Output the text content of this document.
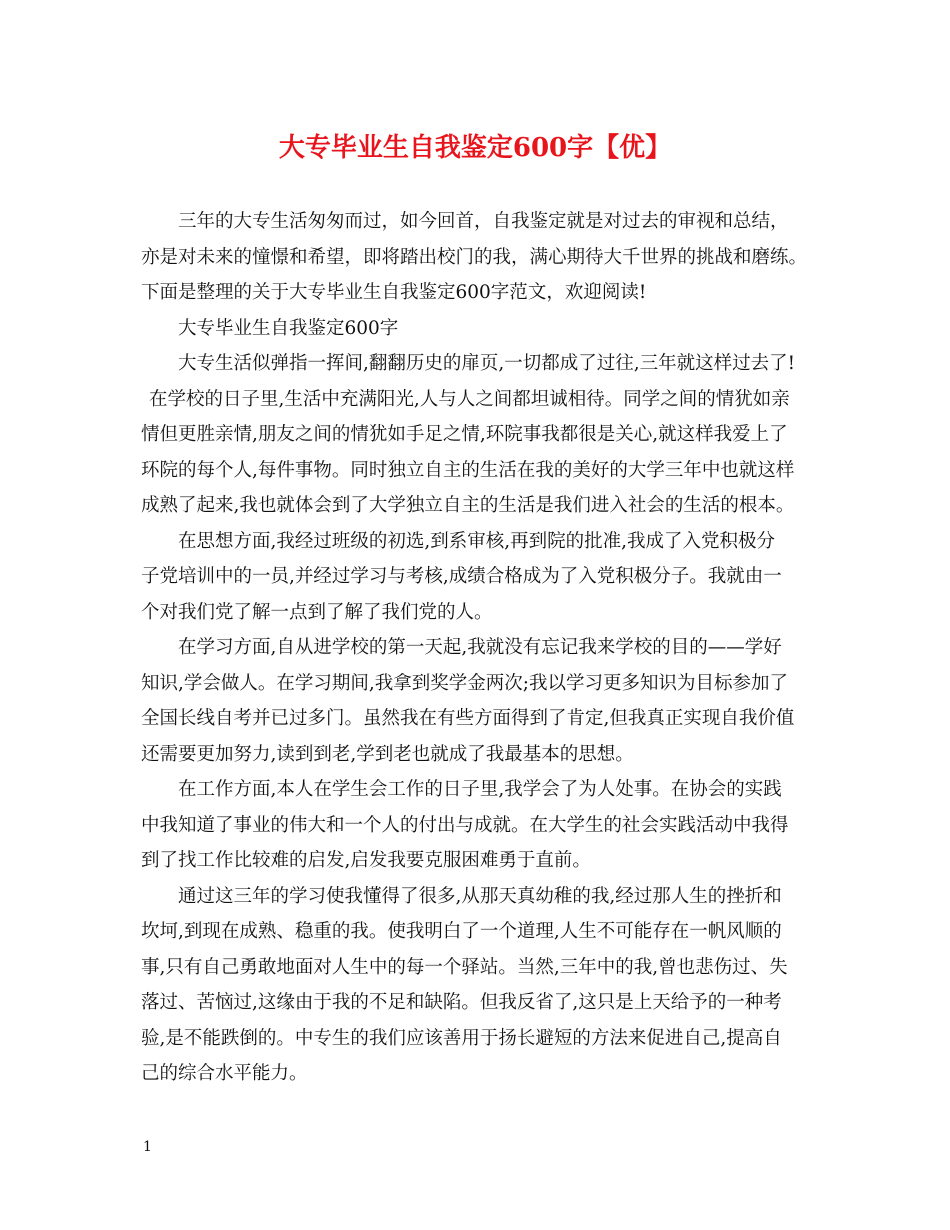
大专毕业生自我鉴定600字【优】
三年的大专生活匆匆而过，如今回首，自我鉴定就是对过去的审视和总结，
亦是对未来的憧憬和希望，即将踏出校门的我，满心期待大千世界的挑战和磨练。
下面是整理的关于大专毕业生自我鉴定600字范文，欢迎阅读!
大专毕业生自我鉴定600字
大专生活似弹指一挥间,翻翻历史的扉页,一切都成了过往,三年就这样过去了!
在学校的日子里,生活中充满阳光,人与人之间都坦诚相待。同学之间的情犹如亲
情但更胜亲情,朋友之间的情犹如手足之情,环院事我都很是关心,就这样我爱上了
环院的每个人,每件事物。同时独立自主的生活在我的美好的大学三年中也就这样
成熟了起来,我也就体会到了大学独立自主的生活是我们进入社会的生活的根本。
在思想方面,我经过班级的初选,到系审核,再到院的批准,我成了入党积极分
子党培训中的一员,并经过学习与考核,成绩合格成为了入党积极分子。我就由一
个对我们党了解一点到了解了我们党的人。
在学习方面,自从进学校的第一天起,我就没有忘记我来学校的目的——学好
知识,学会做人。在学习期间,我拿到奖学金两次;我以学习更多知识为目标参加了
全国长线自考并已过多门。虽然我在有些方面得到了肯定,但我真正实现自我价值
还需要更加努力,读到到老,学到老也就成了我最基本的思想。
在工作方面,本人在学生会工作的日子里,我学会了为人处事。在协会的实践
中我知道了事业的伟大和一个人的付出与成就。在大学生的社会实践活动中我得
到了找工作比较难的启发,启发我要克服困难勇于直前。
通过这三年的学习使我懂得了很多,从那天真幼稚的我,经过那人生的挫折和
坎坷,到现在成熟、稳重的我。使我明白了一个道理,人生不可能存在一帆风顺的
事,只有自己勇敢地面对人生中的每一个驿站。当然,三年中的我,曾也悲伤过、失
落过、苦恼过,这缘由于我的不足和缺陷。但我反省了,这只是上天给予的一种考
验,是不能跌倒的。中专生的我们应该善用于扬长避短的方法来促进自己,提高自
己的综合水平能力。
1
